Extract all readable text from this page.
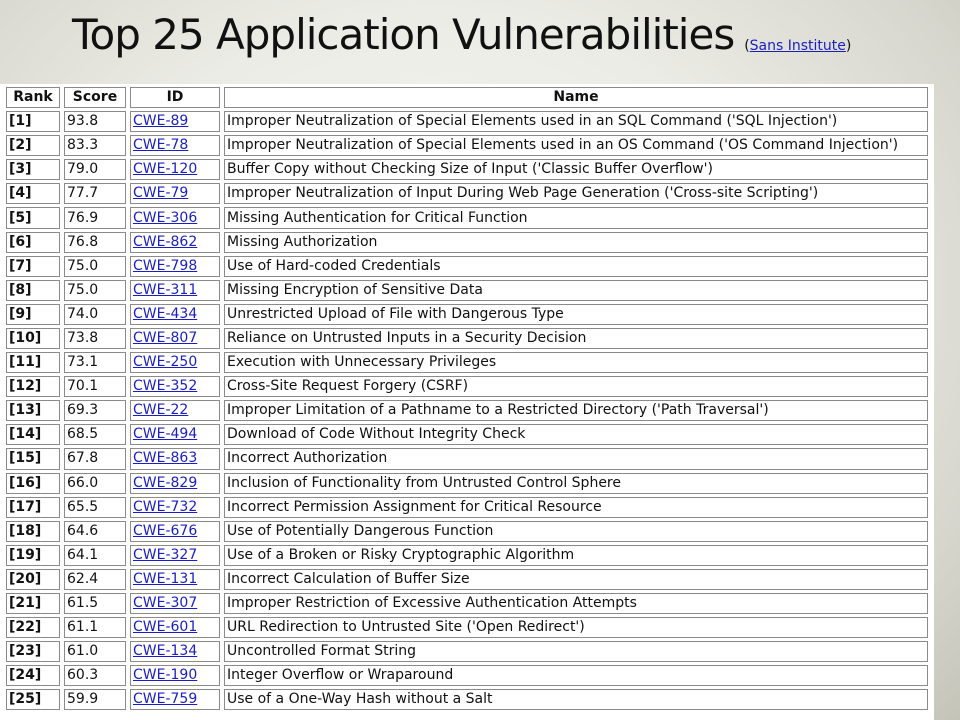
Top 25 Application Vulnerabilities (Sans Institute)
Rank	Score	ID	Name
[1]	93.8	CWE-89	Improper Neutralization of Special Elements used in an SQL Command ('SQL Injection')
[2]	83.3	CWE-78	Improper Neutralization of Special Elements used in an OS Command ('OS Command Injection')
[3]	79.0	CWE-120	Buffer Copy without Checking Size of Input ('Classic Buffer Overflow')
[4]	77.7	CWE-79	Improper Neutralization of Input During Web Page Generation ('Cross-site Scripting')
[5]	76.9	CWE-306	Missing Authentication for Critical Function
[6]	76.8	CWE-862	Missing Authorization
[7]	75.0	CWE-798	Use of Hard-coded Credentials
[8]	75.0	CWE-311	Missing Encryption of Sensitive Data
[9]	74.0	CWE-434	Unrestricted Upload of File with Dangerous Type
[10]	73.8	CWE-807	Reliance on Untrusted Inputs in a Security Decision
[11]	73.1	CWE-250	Execution with Unnecessary Privileges
[12]	70.1	CWE-352	Cross-Site Request Forgery (CSRF)
[13]	69.3	CWE-22	Improper Limitation of a Pathname to a Restricted Directory ('Path Traversal')
[14]	68.5	CWE-494	Download of Code Without Integrity Check
[15]	67.8	CWE-863	Incorrect Authorization
[16]	66.0	CWE-829	Inclusion of Functionality from Untrusted Control Sphere
[17]	65.5	CWE-732	Incorrect Permission Assignment for Critical Resource
[18]	64.6	CWE-676	Use of Potentially Dangerous Function
[19]	64.1	CWE-327	Use of a Broken or Risky Cryptographic Algorithm
[20]	62.4	CWE-131	Incorrect Calculation of Buffer Size
[21]	61.5	CWE-307	Improper Restriction of Excessive Authentication Attempts
[22]	61.1	CWE-601	URL Redirection to Untrusted Site ('Open Redirect')
[23]	61.0	CWE-134	Uncontrolled Format String
[24]	60.3	CWE-190	Integer Overflow or Wraparound
[25]	59.9	CWE-759	Use of a One-Way Hash without a Salt
